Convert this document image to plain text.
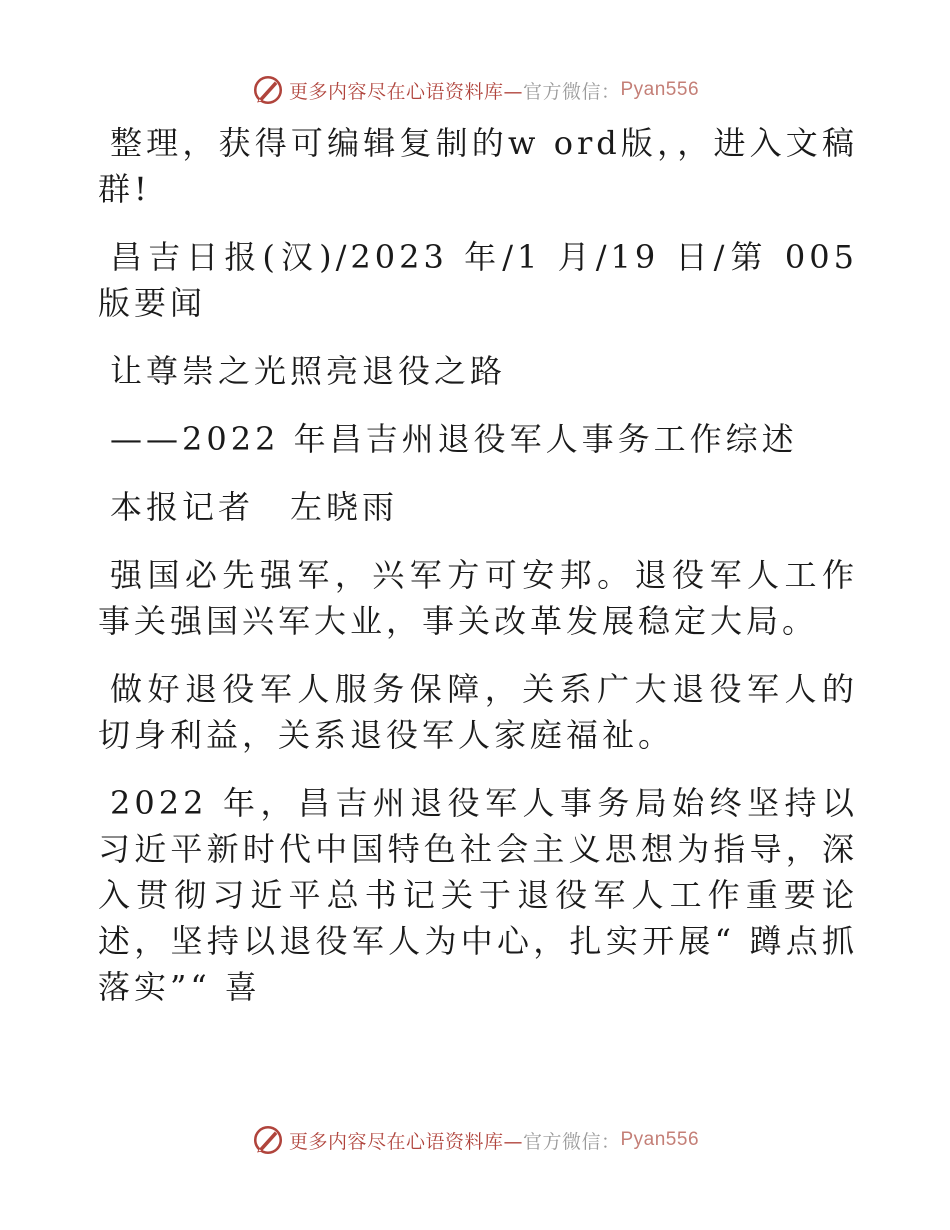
更多内容尽在心语资料库— 官方微信： Pyan556

整理，获得可编辑复制的w ord版，，进入文稿群!

昌吉日报(汉)/2023 年/1 月/19 日/第 005 版要闻

让尊崇之光照亮退役之路

——2022 年昌吉州退役军人事务工作综述

本报记者　左晓雨

强国必先强军，兴军方可安邦。退役军人工作事关强国兴军大业，事关改革发展稳定大局。

做好退役军人服务保障，关系广大退役军人的切身利益，关系退役军人家庭福祉。

2022 年，昌吉州退役军人事务局始终坚持以习近平新时代中国特色社会主义思想为指导，深入贯彻习近平总书记关于退役军人工作重要论述，坚持以退役军人为中心，扎实开展“ 蹲点抓落实”“ 喜

更多内容尽在心语资料库— 官方微信： Pyan556
